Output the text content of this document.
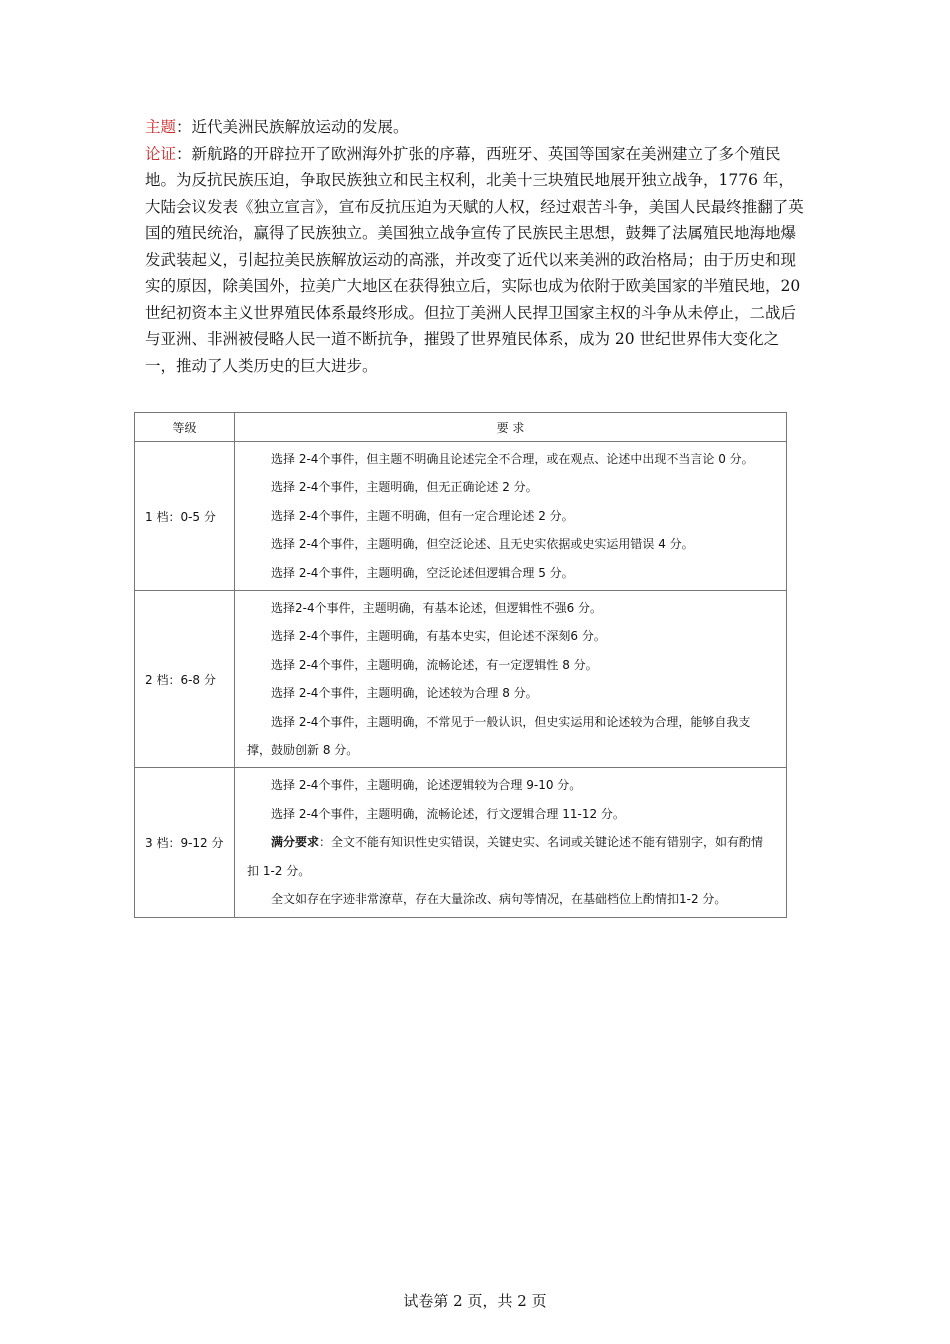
主题：近代美洲民族解放运动的发展。

论证：新航路的开辟拉开了欧洲海外扩张的序幕，西班牙、英国等国家在美洲建立了多个殖民地。为反抗民族压迫，争取民族独立和民主权利，北美十三块殖民地展开独立战争，1776 年，大陆会议发表《独立宣言》，宣布反抗压迫为天赋的人权，经过艰苦斗争，美国人民最终推翻了英国的殖民统治，赢得了民族独立。美国独立战争宣传了民族民主思想，鼓舞了法属殖民地海地爆发武装起义，引起拉美民族解放运动的高涨，并改变了近代以来美洲的政治格局；由于历史和现实的原因，除美国外，拉美广大地区在获得独立后，实际也成为依附于欧美国家的半殖民地，20 世纪初资本主义世界殖民体系最终形成。但拉丁美洲人民捍卫国家主权的斗争从未停止，二战后与亚洲、非洲被侵略人民一道不断抗争，摧毁了世界殖民体系，成为 20 世纪世界伟大变化之一，推动了人类历史的巨大进步。

等级	要 求
1 档：0-5 分	选择 2-4个事件，但主题不明确且论述完全不合理，或在观点、论述中出现不当言论 0 分。

选择 2-4个事件，主题明确，但无正确论述 2 分。

选择 2-4个事件，主题不明确，但有一定合理论述 2 分。

选择 2-4个事件，主题明确，但空泛论述、且无史实依据或史实运用错误 4 分。

选择 2-4个事件，主题明确，空泛论述但逻辑合理 5 分。

2 档：6-8 分	选择2-4个事件，主题明确，有基本论述，但逻辑性不强6 分。

选择 2-4个事件，主题明确，有基本史实，但论述不深刻6 分。

选择 2-4个事件，主题明确，流畅论述，有一定逻辑性 8 分。

选择 2-4个事件，主题明确，论述较为合理 8 分。

选择 2-4个事件，主题明确，不常见于一般认识，但史实运用和论述较为合理，能够自我支撑，鼓励创新 8 分。

3 档：9-12 分	选择 2-4个事件，主题明确，论述逻辑较为合理 9-10 分。

选择 2-4个事件，主题明确，流畅论述，行文逻辑合理 11-12 分。

满分要求：全文不能有知识性史实错误，关键史实、名词或关键论述不能有错别字，如有酌情扣 1-2 分。

全文如存在字迹非常潦草，存在大量涂改、病句等情况，在基础档位上酌情扣1-2 分。

试卷第 2 页，共 2 页
